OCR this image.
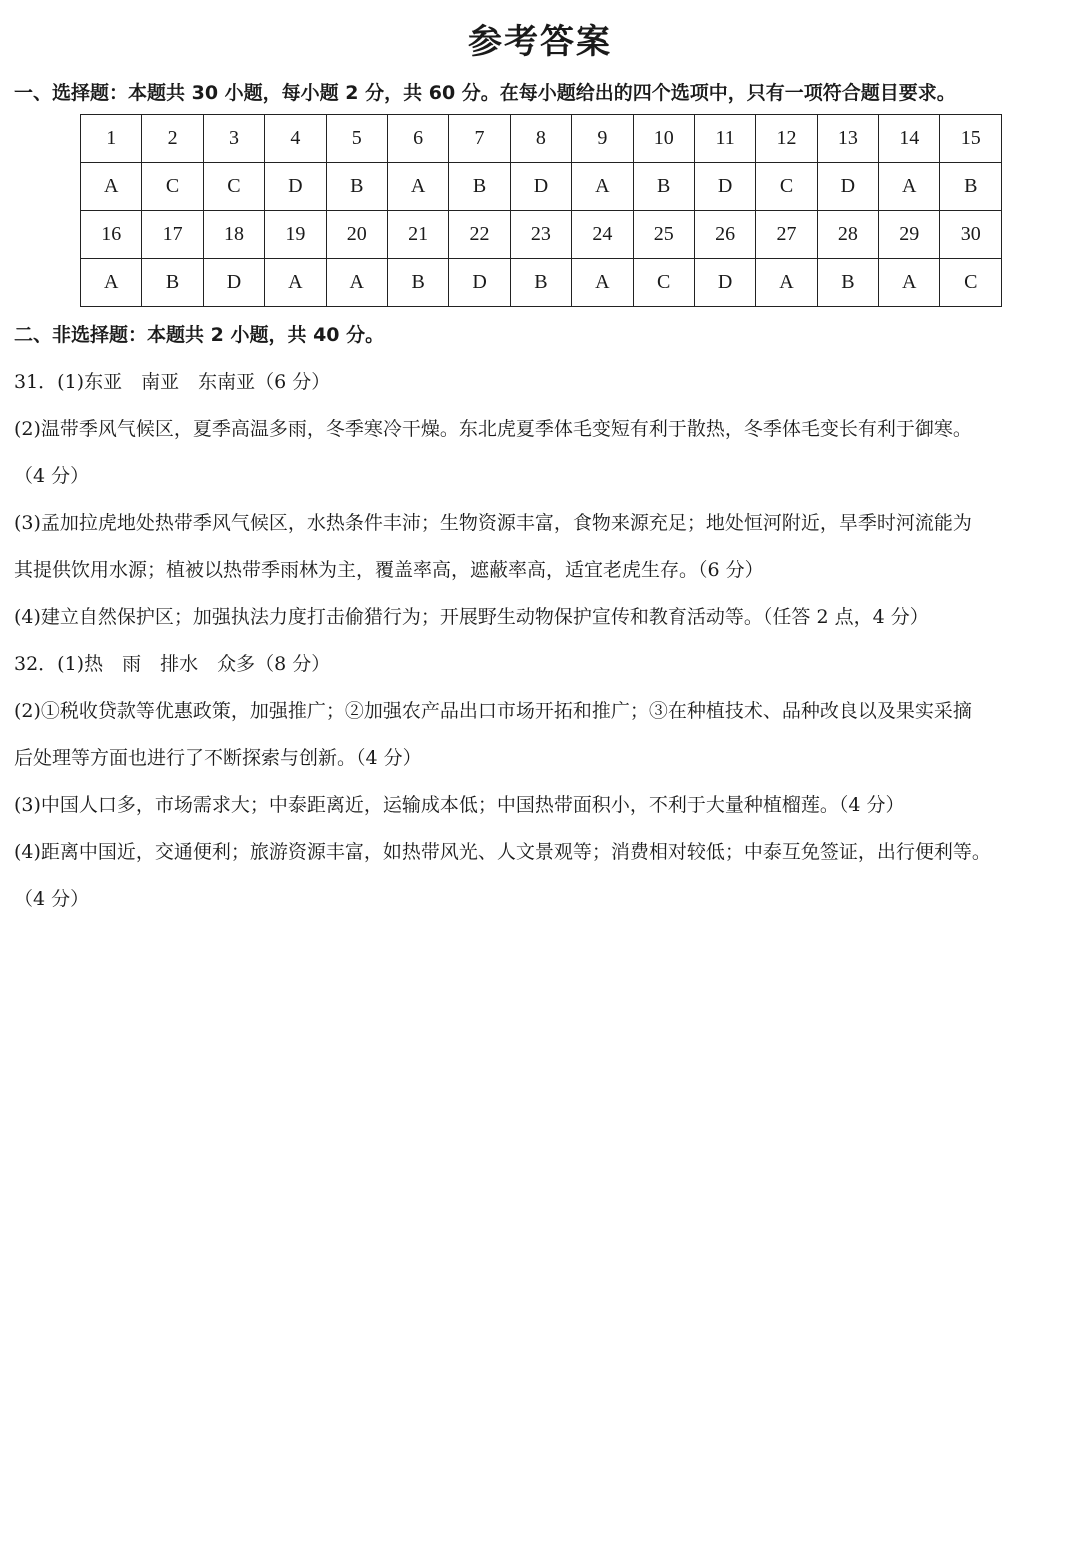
参考答案
一、选择题：本题共 30 小题，每小题 2 分，共 60 分。在每小题给出的四个选项中，只有一项符合题目要求。
1	2	3	4	5	6	7	8	9	10	11	12	13	14	15
A	C	C	D	B	A	B	D	A	B	D	C	D	A	B
16	17	18	19	20	21	22	23	24	25	26	27	28	29	30
A	B	D	A	A	B	D	B	A	C	D	A	B	A	C
二、非选择题：本题共 2 小题，共 40 分。
31．(1)东亚　南亚　东南亚（6 分）
(2)温带季风气候区，夏季高温多雨，冬季寒冷干燥。东北虎夏季体毛变短有利于散热，冬季体毛变长有利于御寒。
（4 分）
(3)孟加拉虎地处热带季风气候区，水热条件丰沛；生物资源丰富，食物来源充足；地处恒河附近，旱季时河流能为
其提供饮用水源；植被以热带季雨林为主，覆盖率高，遮蔽率高，适宜老虎生存。（6 分）
(4)建立自然保护区；加强执法力度打击偷猎行为；开展野生动物保护宣传和教育活动等。（任答 2 点，4 分）
32．(1)热　雨　排水　众多（8 分）
(2)①税收贷款等优惠政策，加强推广；②加强农产品出口市场开拓和推广；③在种植技术、品种改良以及果实采摘
后处理等方面也进行了不断探索与创新。（4 分）
(3)中国人口多，市场需求大；中泰距离近，运输成本低；中国热带面积小，不利于大量种植榴莲。（4 分）
(4)距离中国近，交通便利；旅游资源丰富，如热带风光、人文景观等；消费相对较低；中泰互免签证，出行便利等。
（4 分）
